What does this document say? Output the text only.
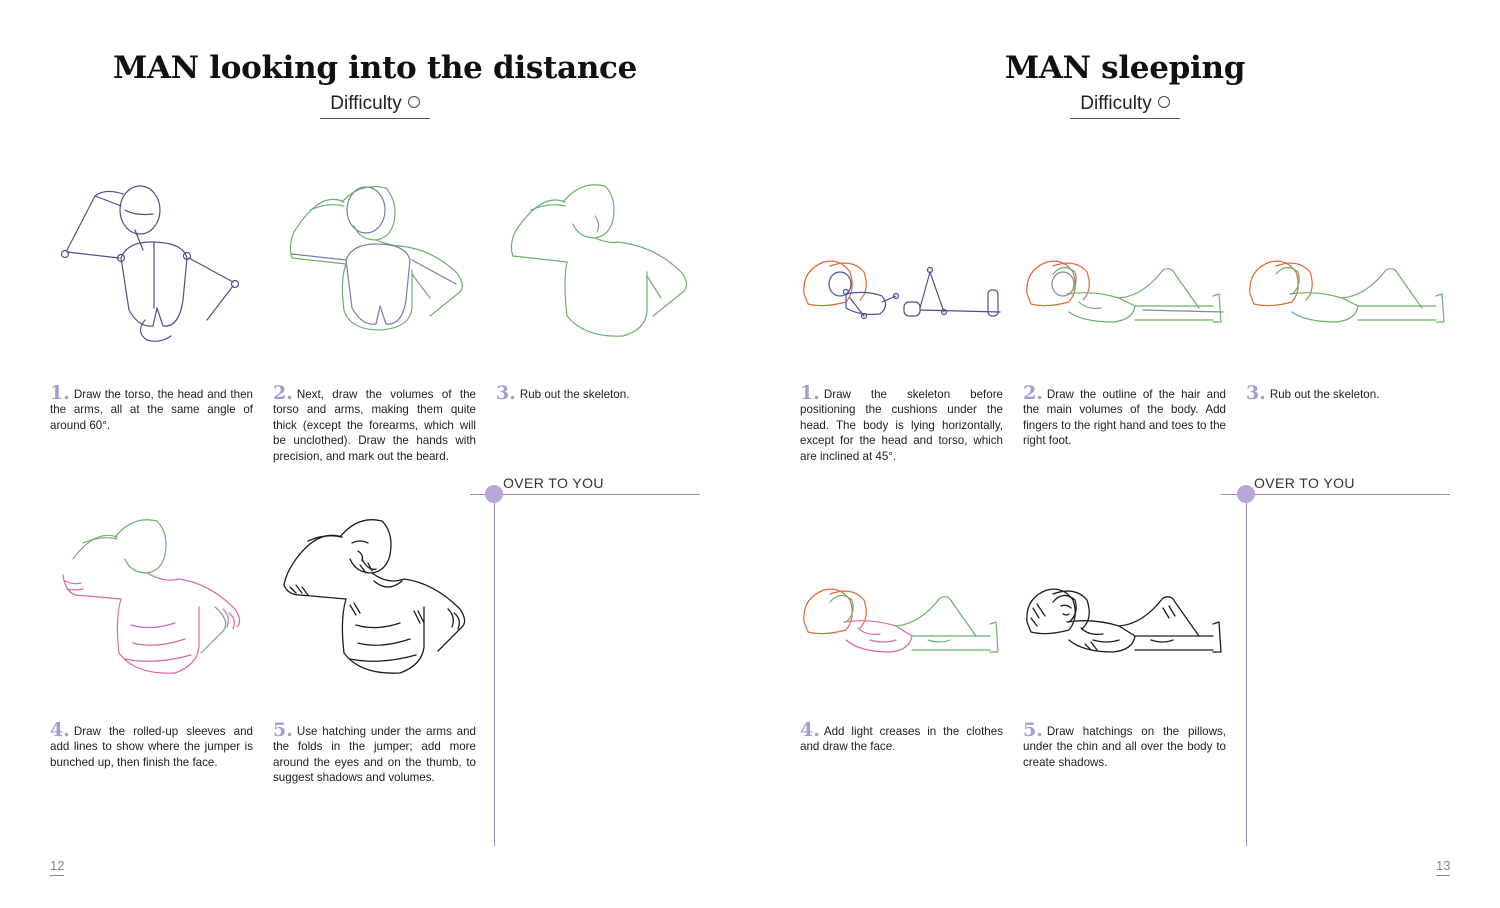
MAN looking into the distance
Difficulty
1. Draw the torso, the head and then the arms, all at the same angle of around 60°.
2. Next, draw the volumes of the torso and arms, making them quite thick (except the forearms, which will be unclothed). Draw the hands with precision, and mark out the beard.
3. Rub out the skeleton.
4. Draw the rolled-up sleeves and add lines to show where the jumper is bunched up, then finish the face.
5. Use hatching under the arms and the folds in the jumper; add more around the eyes and on the thumb, to suggest shadows and volumes.
OVER TO YOU
12
MAN sleeping
Difficulty
1. Draw the skeleton before positioning the cushions under the head. The body is lying horizontally, except for the head and torso, which are inclined at 45°.
2. Draw the outline of the hair and the main volumes of the body. Add fingers to the right hand and toes to the right foot.
3. Rub out the skeleton.
4. Add light creases in the clothes and draw the face.
5. Draw hatchings on the pillows, under the chin and all over the body to create shadows.
OVER TO YOU
13
